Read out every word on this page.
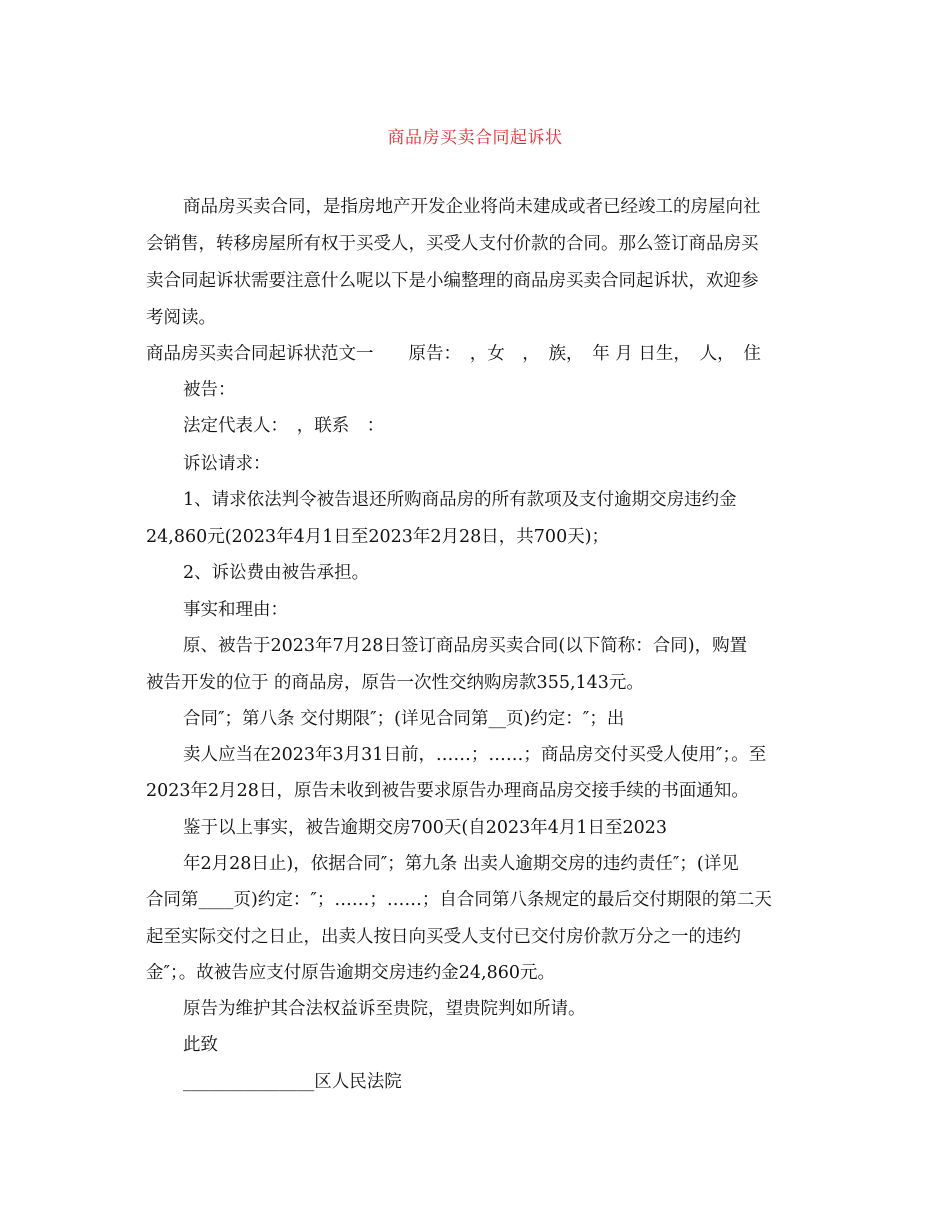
商品房买卖合同起诉状
商品房买卖合同，是指房地产开发企业将尚未建成或者已经竣工的房屋向社
会销售，转移房屋所有权于买受人，买受人支付价款的合同。那么签订商品房买
卖合同起诉状需要注意什么呢以下是小编整理的商品房买卖合同起诉状，欢迎参
考阅读。
商品房买卖合同起诉状范文一　　原告：　，女　，　族，　年 月 日生，　人，　住
被告：
法定代表人：　，联系　：
诉讼请求：
1、请求依法判令被告退还所购商品房的所有款项及支付逾期交房违约金
24,860元(2023年4月1日至2023年2月28日，共700天)；
2、诉讼费由被告承担。
事实和理由：
原、被告于2023年7月28日签订商品房买卖合同(以下简称：合同)，购置
被告开发的位于 的商品房，原告一次性交纳购房款355,143元。
合同″；第八条 交付期限″；(详见合同第__页)约定：″；出
卖人应当在2023年3月31日前，……；……；商品房交付买受人使用″；。至
2023年2月28日，原告未收到被告要求原告办理商品房交接手续的书面通知。
鉴于以上事实，被告逾期交房700天(自2023年4月1日至2023
年2月28日止)，依据合同″；第九条 出卖人逾期交房的违约责任″；(详见
合同第____页)约定：″；……；……；自合同第八条规定的最后交付期限的第二天
起至实际交付之日止，出卖人按日向买受人支付已交付房价款万分之一的违约
金″；。故被告应支付原告逾期交房违约金24,860元。
原告为维护其合法权益诉至贵院，望贵院判如所请。
此致
_______________区人民法院
